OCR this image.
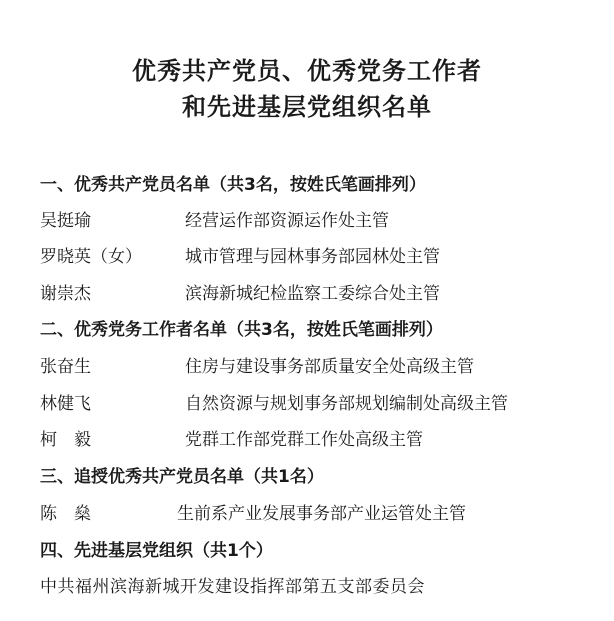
优秀共产党员、优秀党务工作者
和先进基层党组织名单
一、优秀共产党员名单（共3名，按姓氏笔画排列）
吴挺瑜	经营运作部资源运作处主管
罗晓英（女）	城市管理与园林事务部园林处主管
谢崇杰	滨海新城纪检监察工委综合处主管
二、优秀党务工作者名单（共3名，按姓氏笔画排列）
张奋生	住房与建设事务部质量安全处高级主管
林健飞	自然资源与规划事务部规划编制处高级主管
柯　毅	党群工作部党群工作处高级主管
三、追授优秀共产党员名单（共1名）
陈　燊	生前系产业发展事务部产业运管处主管
四、先进基层党组织（共1个）
中共福州滨海新城开发建设指挥部第五支部委员会
